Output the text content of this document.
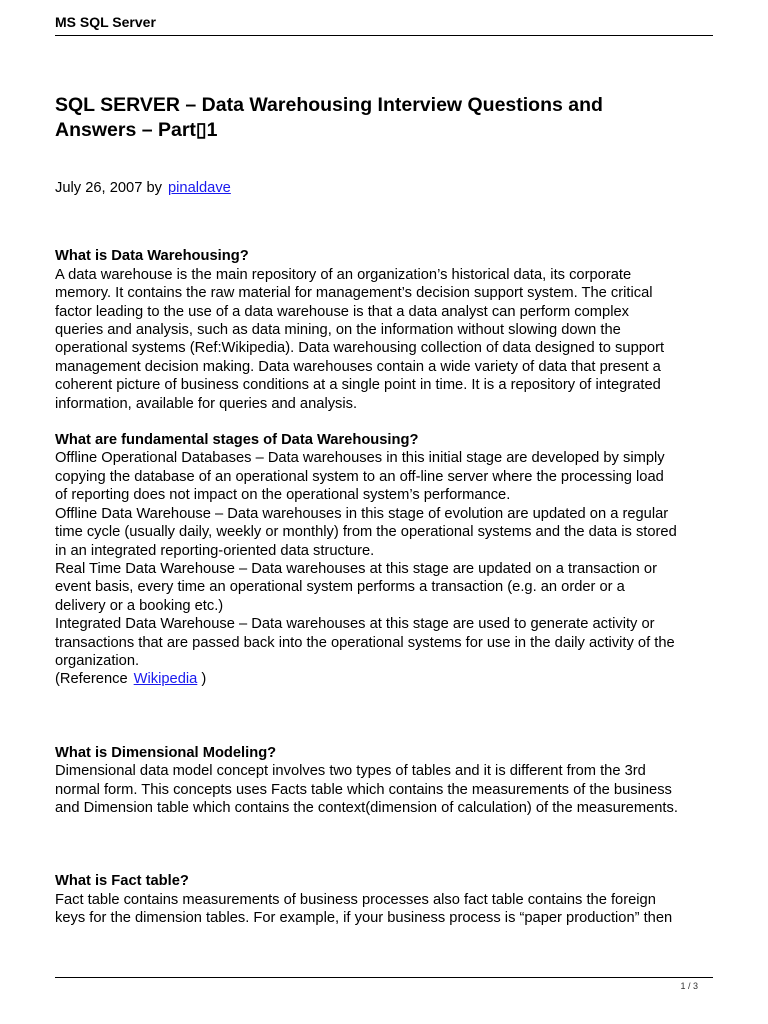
MS SQL Server
SQL SERVER – Data Warehousing Interview Questions and
Answers – Part▯1
July 26, 2007 by pinaldave

What is Data Warehousing?

A data warehouse is the main repository of an organization’s historical data, its corporate

memory. It contains the raw material for management’s decision support system. The critical

factor leading to the use of a data warehouse is that a data analyst can perform complex

queries and analysis, such as data mining, on the information without slowing down the

operational systems (Ref:Wikipedia). Data warehousing collection of data designed to support

management decision making. Data warehouses contain a wide variety of data that present a

coherent picture of business conditions at a single point in time. It is a repository of integrated

information, available for queries and analysis.

What are fundamental stages of Data Warehousing?

Offline Operational Databases – Data warehouses in this initial stage are developed by simply

copying the database of an operational system to an off-line server where the processing load

of reporting does not impact on the operational system’s performance.

Offline Data Warehouse – Data warehouses in this stage of evolution are updated on a regular

time cycle (usually daily, weekly or monthly) from the operational systems and the data is stored

in an integrated reporting-oriented data structure.

Real Time Data Warehouse – Data warehouses at this stage are updated on a transaction or

event basis, every time an operational system performs a transaction (e.g. an order or a

delivery or a booking etc.)

Integrated Data Warehouse – Data warehouses at this stage are used to generate activity or

transactions that are passed back into the operational systems for use in the daily activity of the

organization.

(Reference Wikipedia )

What is Dimensional Modeling?

Dimensional data model concept involves two types of tables and it is different from the 3rd

normal form. This concepts uses Facts table which contains the measurements of the business

and Dimension table which contains the context(dimension of calculation) of the measurements.

What is Fact table?

Fact table contains measurements of business processes also fact table contains the foreign

keys for the dimension tables. For example, if your business process is “paper production” then

1 / 3
